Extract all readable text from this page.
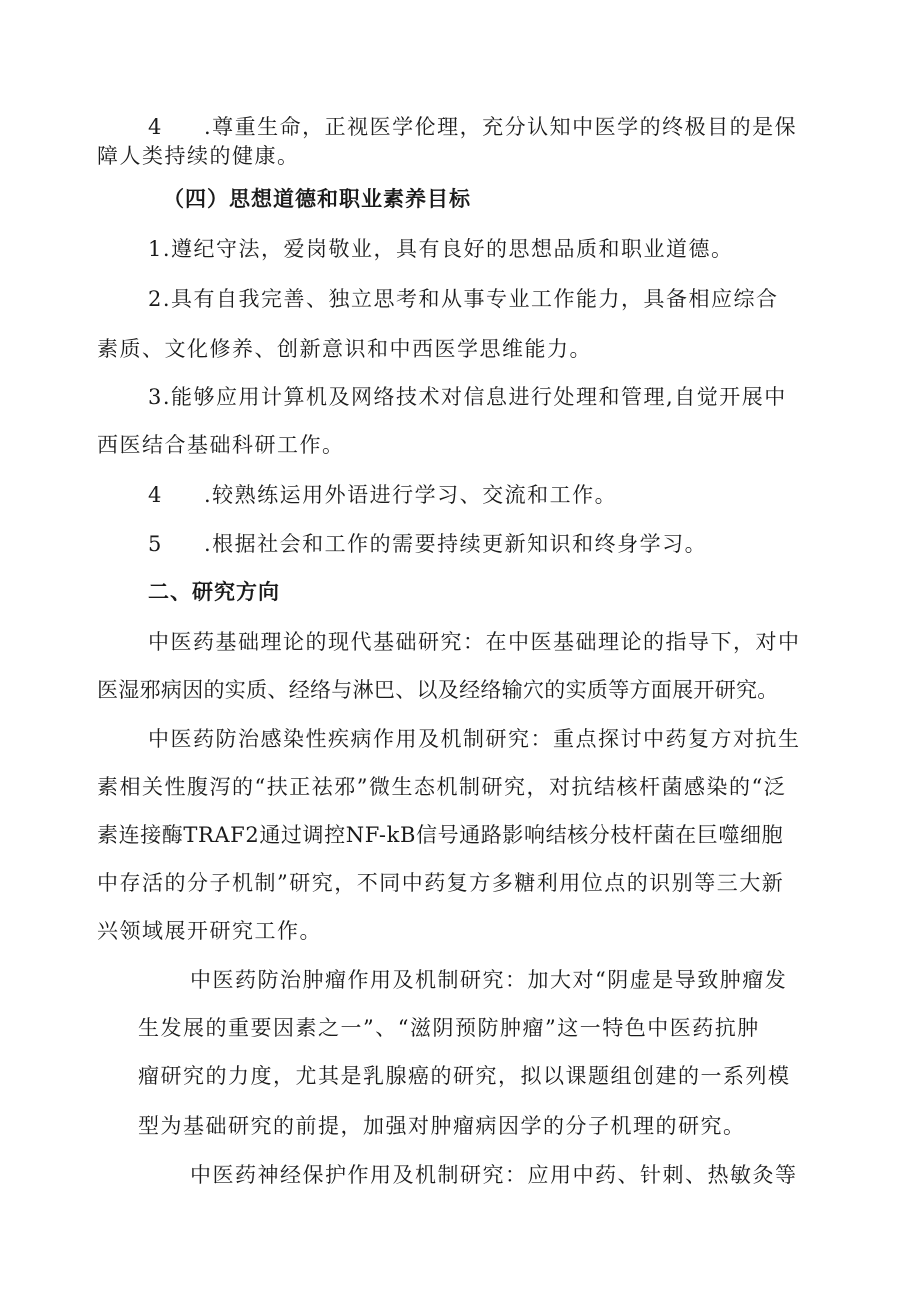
4 .尊重生命，正视医学伦理，充分认知中医学的终极目的是保
障人类持续的健康。
（四）思想道德和职业素养目标
1.遵纪守法，爱岗敬业，具有良好的思想品质和职业道德。
2.具有自我完善、独立思考和从事专业工作能力，具备相应综合
素质、文化修养、创新意识和中西医学思维能力。
3.能够应用计算机及网络技术对信息进行处理和管理,自觉开展中
西医结合基础科研工作。
4 .较熟练运用外语进行学习、交流和工作。
5 .根据社会和工作的需要持续更新知识和终身学习。
二、研究方向
中医药基础理论的现代基础研究：在中医基础理论的指导下，对中
医湿邪病因的实质、经络与淋巴、以及经络输穴的实质等方面展开研究。
中医药防治感染性疾病作用及机制研究：重点探讨中药复方对抗生
素相关性腹泻的“扶正祛邪”微生态机制研究，对抗结核杆菌感染的“泛
素连接酶TRAF2通过调控NF-kB信号通路影响结核分枝杆菌在巨噬细胞
中存活的分子机制”研究，不同中药复方多糖利用位点的识别等三大新
兴领域展开研究工作。
中医药防治肿瘤作用及机制研究：加大对“阴虚是导致肿瘤发
生发展的重要因素之一”、“滋阴预防肿瘤”这一特色中医药抗肿
瘤研究的力度，尤其是乳腺癌的研究，拟以课题组创建的一系列模
型为基础研究的前提，加强对肿瘤病因学的分子机理的研究。
中医药神经保护作用及机制研究：应用中药、针刺、热敏灸等
